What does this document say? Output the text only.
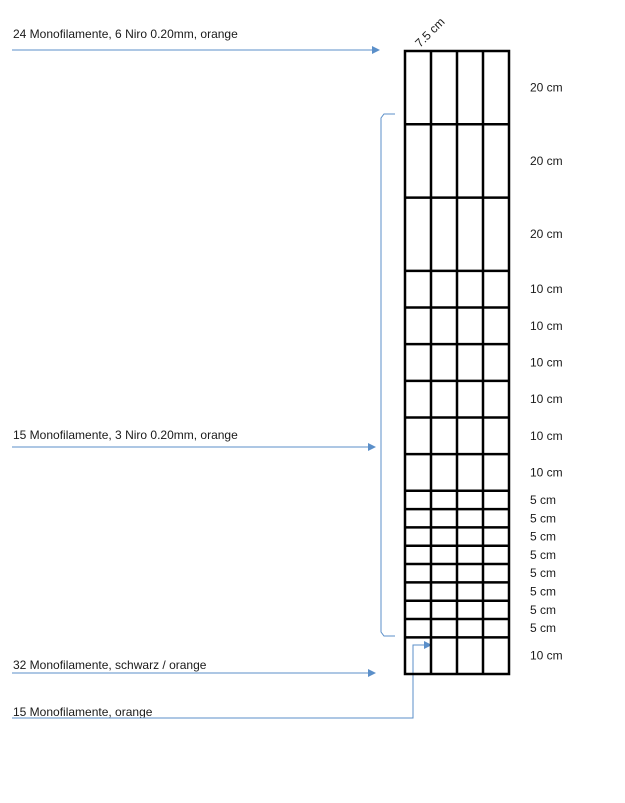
7.5 cm
24 Monofilamente, 6 Niro 0.20mm, orange
15 Monofilamente, 3 Niro 0.20mm, orange
32 Monofilamente, schwarz / orange
15 Monofilamente, orange
20 cm
20 cm
20 cm
10 cm
10 cm
10 cm
10 cm
10 cm
10 cm
5 cm
5 cm
5 cm
5 cm
5 cm
5 cm
5 cm
5 cm
10 cm
